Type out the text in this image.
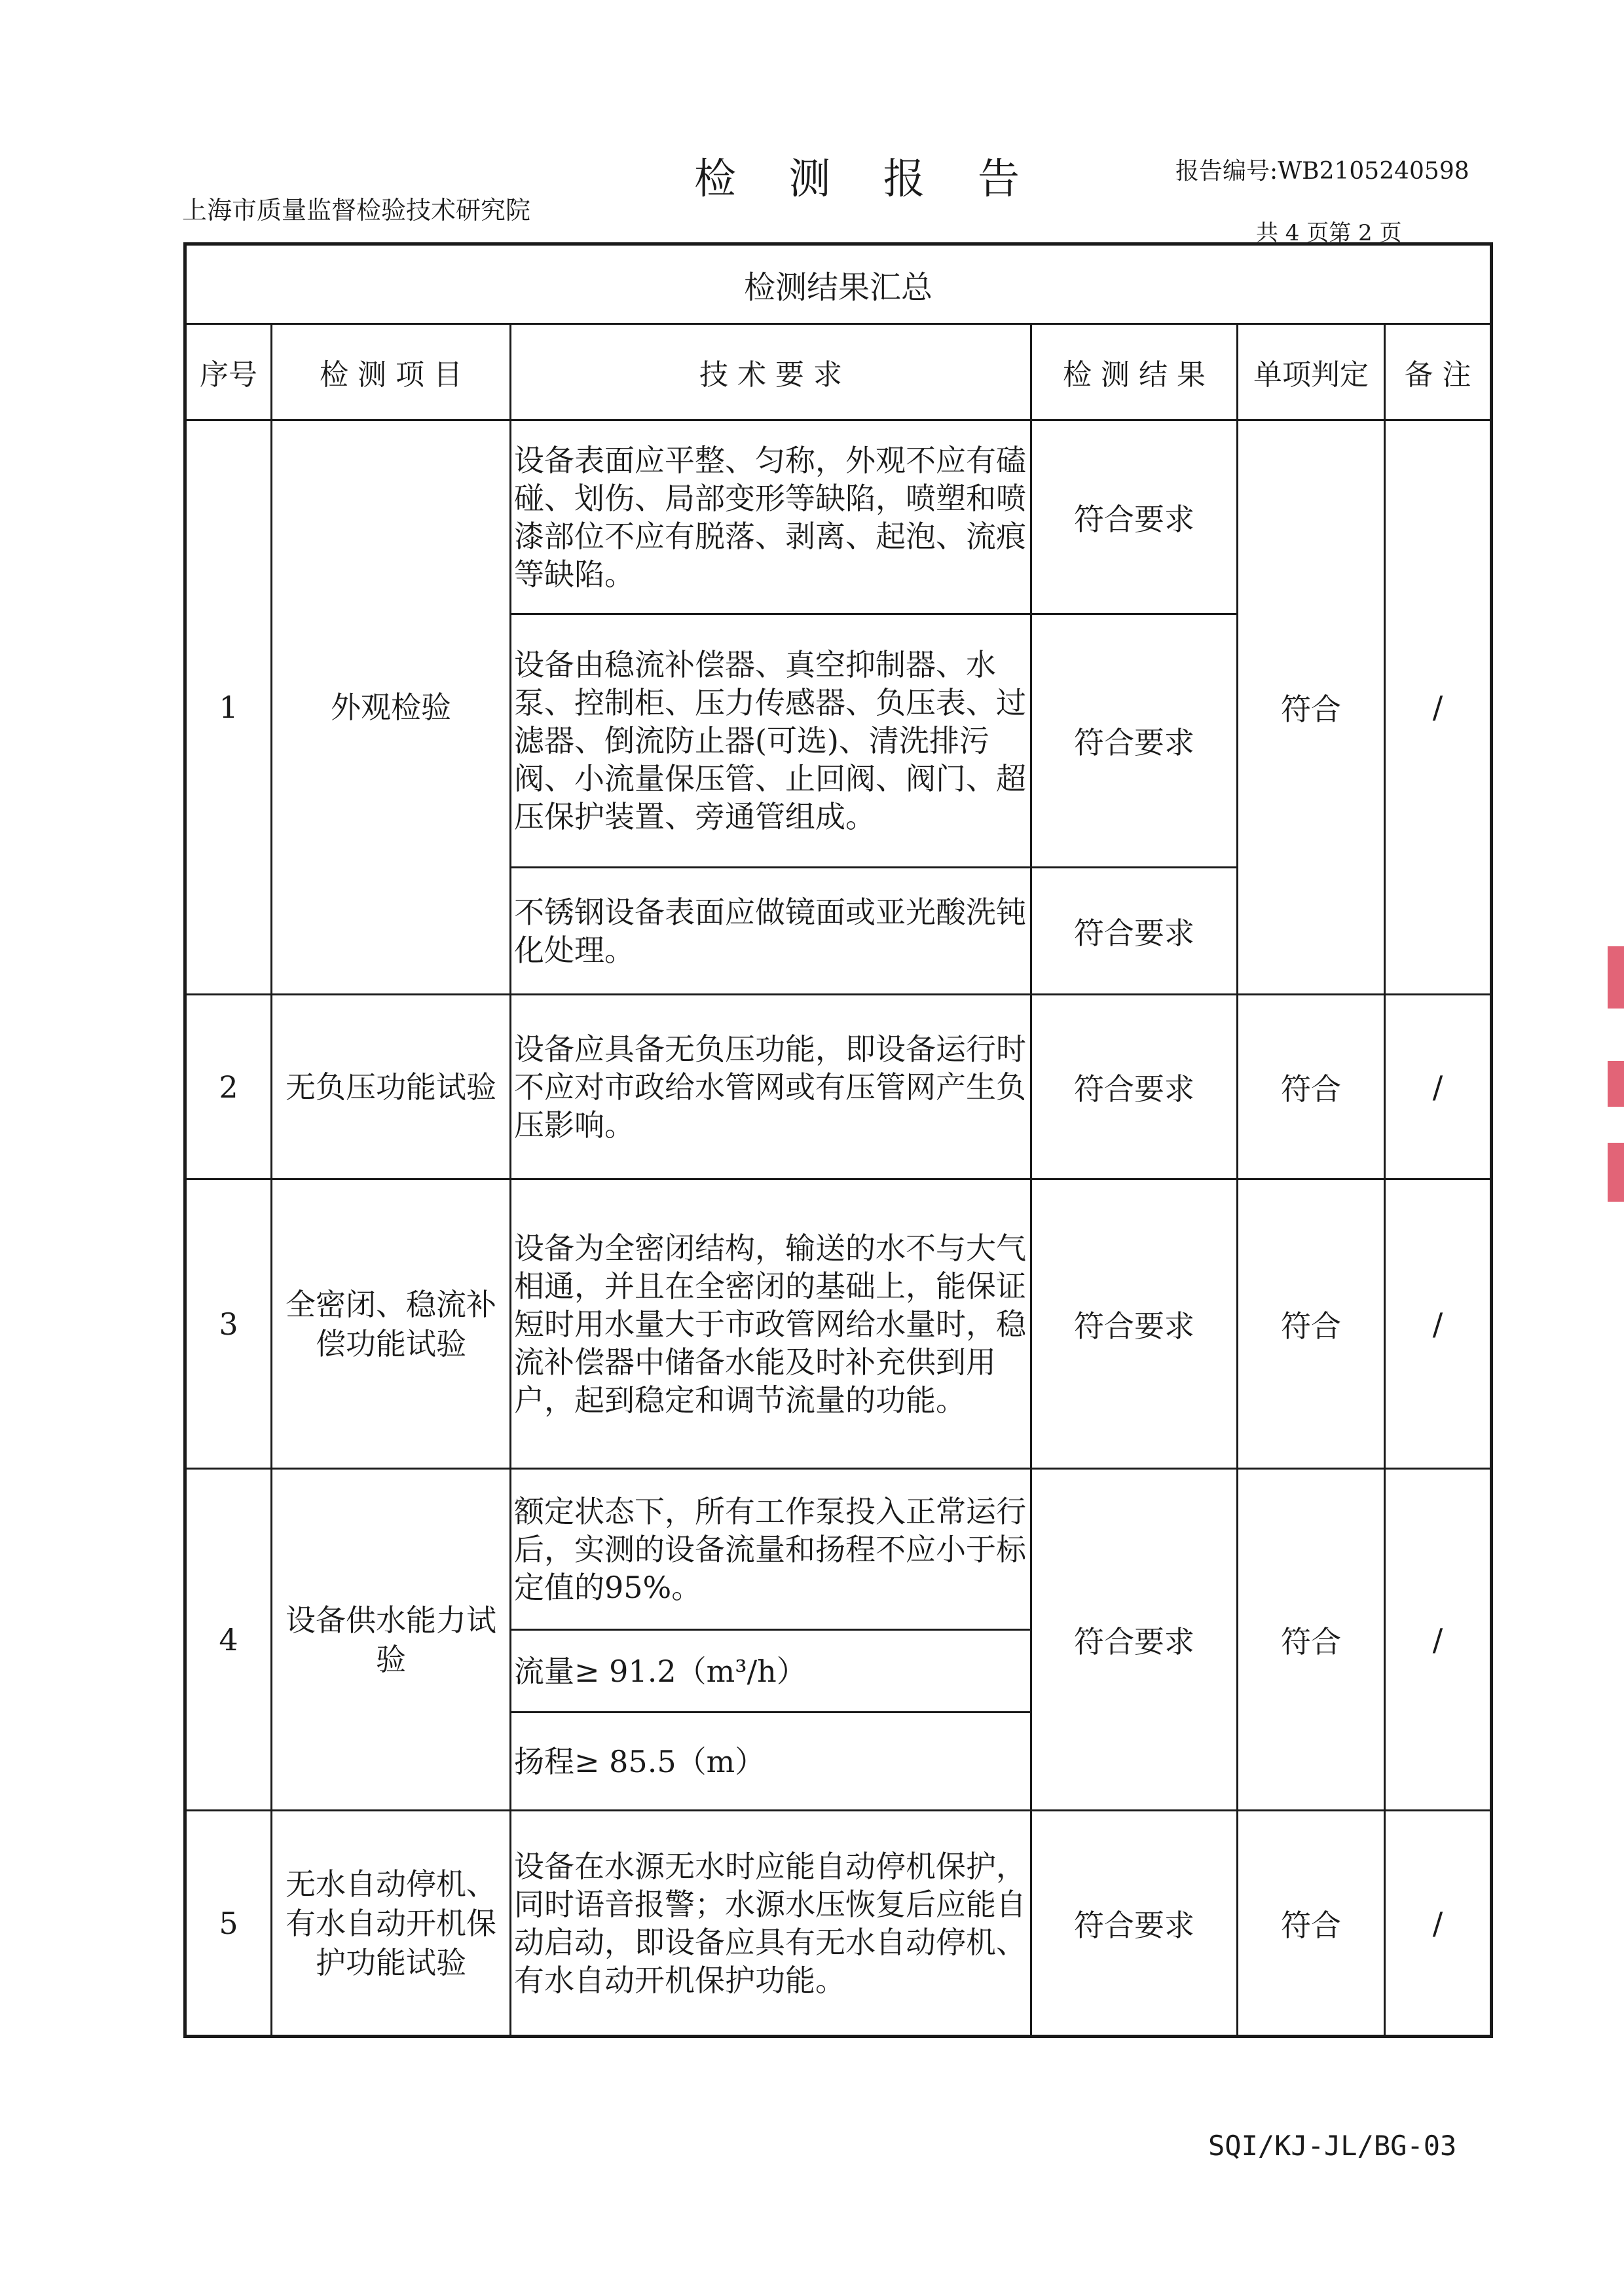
检 测 报 告
上海市质量监督检验技术研究院
报告编号:WB2105240598
共 4 页第 2 页
检测结果汇总					
序号	检 测 项 目	技 术 要 求	检 测 结 果	单项判定	备 注
1	外观检验	设备表面应平整、匀称，外观不应有磕碰、划伤、局部变形等缺陷，喷塑和喷漆部位不应有脱落、剥离、起泡、流痕等缺陷。	符合要求	符合	/
		设备由稳流补偿器、真空抑制器、水泵、控制柜、压力传感器、负压表、过滤器、倒流防止器(可选)、清洗排污阀、小流量保压管、止回阀、阀门、超压保护装置、旁通管组成。	符合要求		
		不锈钢设备表面应做镜面或亚光酸洗钝化处理。	符合要求		
2	无负压功能试验	设备应具备无负压功能，即设备运行时不应对市政给水管网或有压管网产生负压影响。	符合要求	符合	/
3	全密闭、稳流补偿功能试验	设备为全密闭结构，输送的水不与大气相通，并且在全密闭的基础上，能保证短时用水量大于市政管网给水量时，稳流补偿器中储备水能及时补充供到用户，起到稳定和调节流量的功能。	符合要求	符合	/
4	设备供水能力试验	额定状态下，所有工作泵投入正常运行后，实测的设备流量和扬程不应小于标定值的95%。	符合要求	符合	/
		流量≥ 91.2（m³/h）			
		扬程≥ 85.5（m）			
5	无水自动停机、有水自动开机保护功能试验	设备在水源无水时应能自动停机保护，同时语音报警；水源水压恢复后应能自动启动，即设备应具有无水自动停机、有水自动开机保护功能。	符合要求	符合	/
SQI/KJ-JL/BG-03
